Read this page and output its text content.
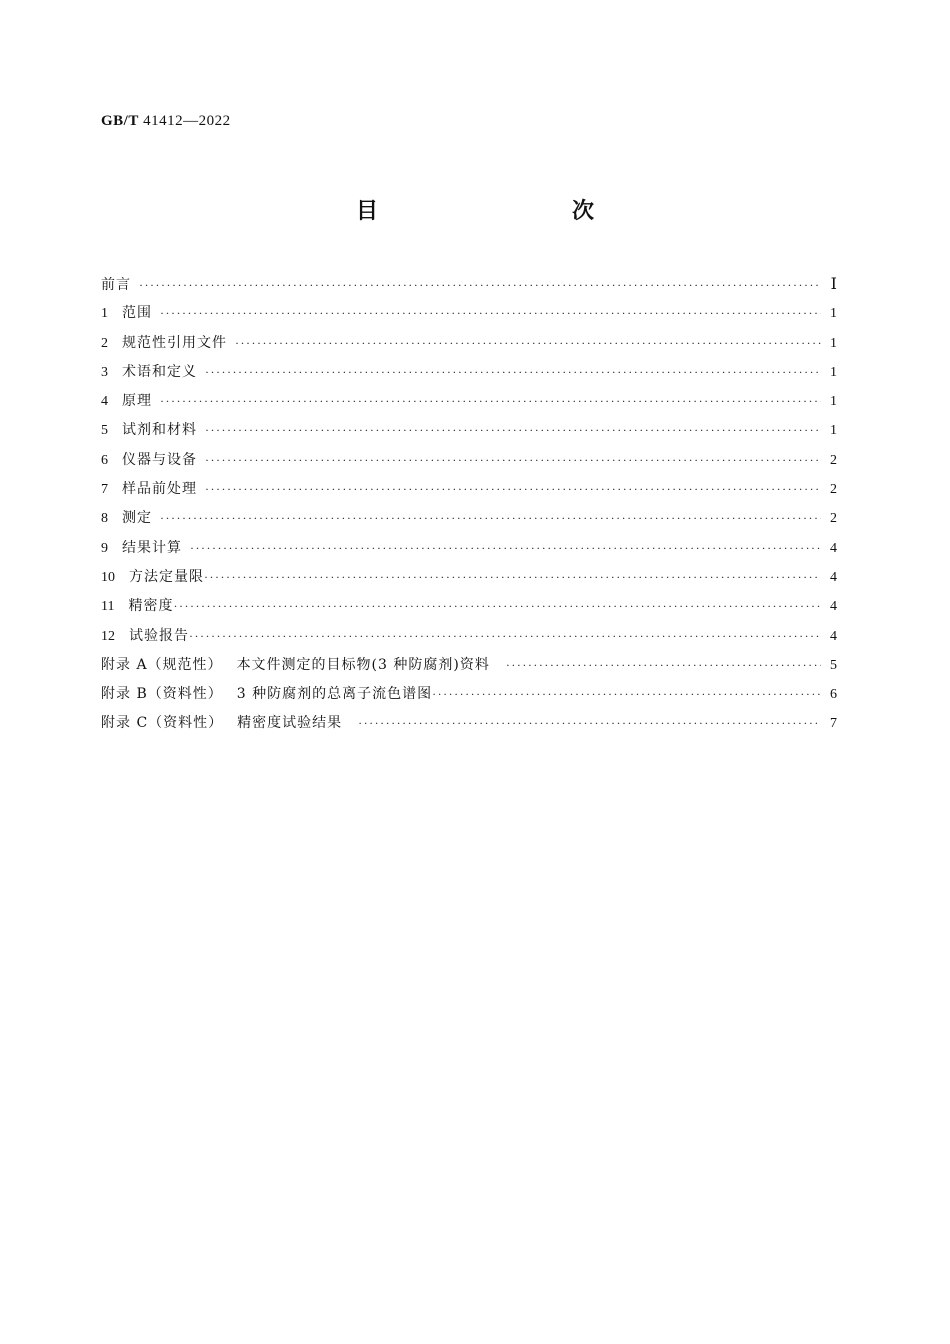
GB/T 41412—2022
目　　次
前言 ·····	Ⅰ
1 范围 ·····	1
2 规范性引用文件 ·····	1
3 术语和定义 ·····	1
4 原理 ·····	1
5 试剂和材料 ·····	1
6 仪器与设备 ·····	2
7 样品前处理 ·····	2
8 测定 ·····	2
9 结果计算 ·····	4
10 方法定量限 ·····	4
11 精密度 ·····	4
12 试验报告 ·····	4
附录 A（规范性） 本文件测定的目标物(3 种防腐剂)资料 ·····	5
附录 B（资料性） 3 种防腐剂的总离子流色谱图 ·····	6
附录 C（资料性） 精密度试验结果 ·····	7
